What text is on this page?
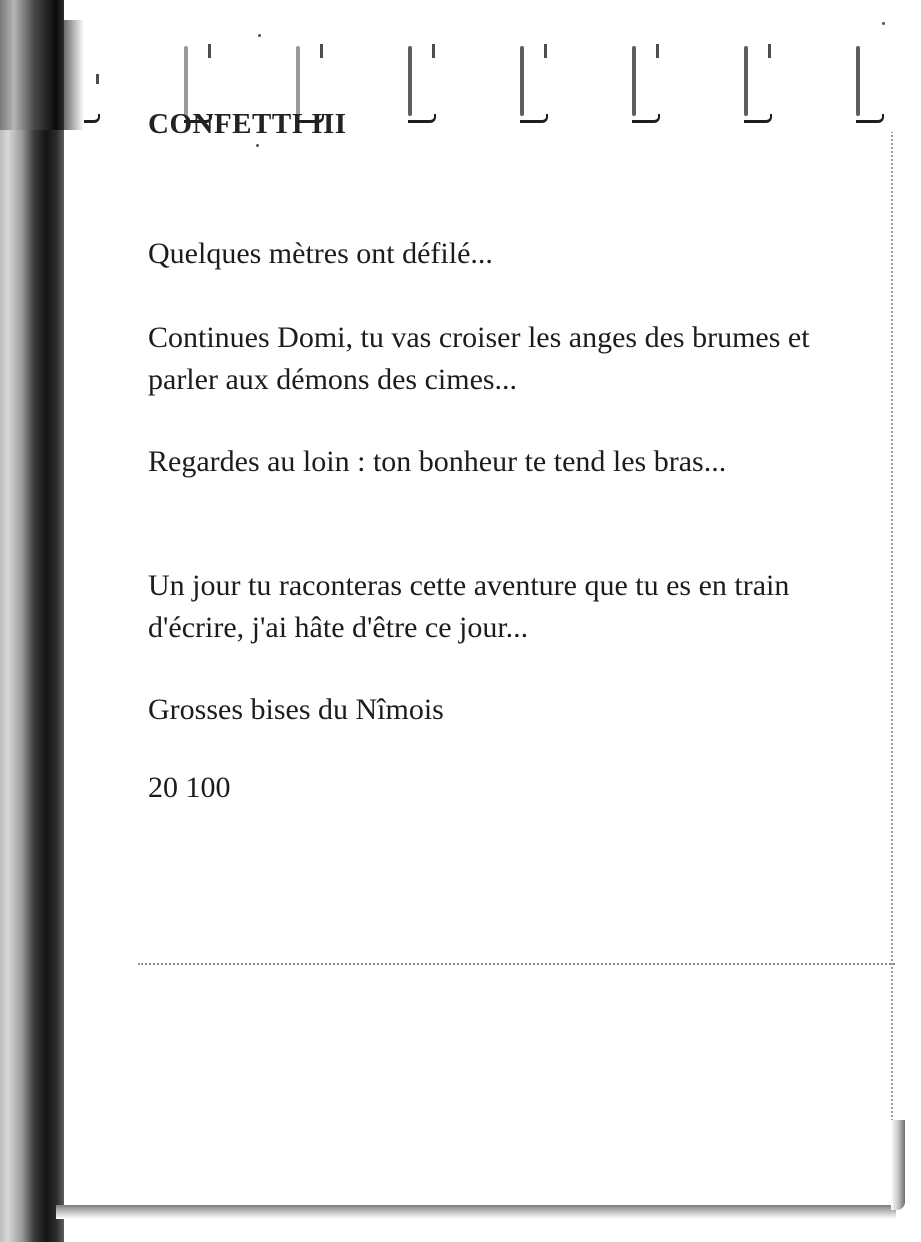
CONFETTI III

Quelques mètres ont défilé...

Continues Domi, tu vas croiser les anges des brumes et parler aux démons des cimes...

Regardes au loin : ton bonheur te tend les bras...

Un jour tu raconteras cette aventure que tu es en train d'écrire, j'ai hâte d'être ce jour...

Grosses bises du Nîmois

20 100
